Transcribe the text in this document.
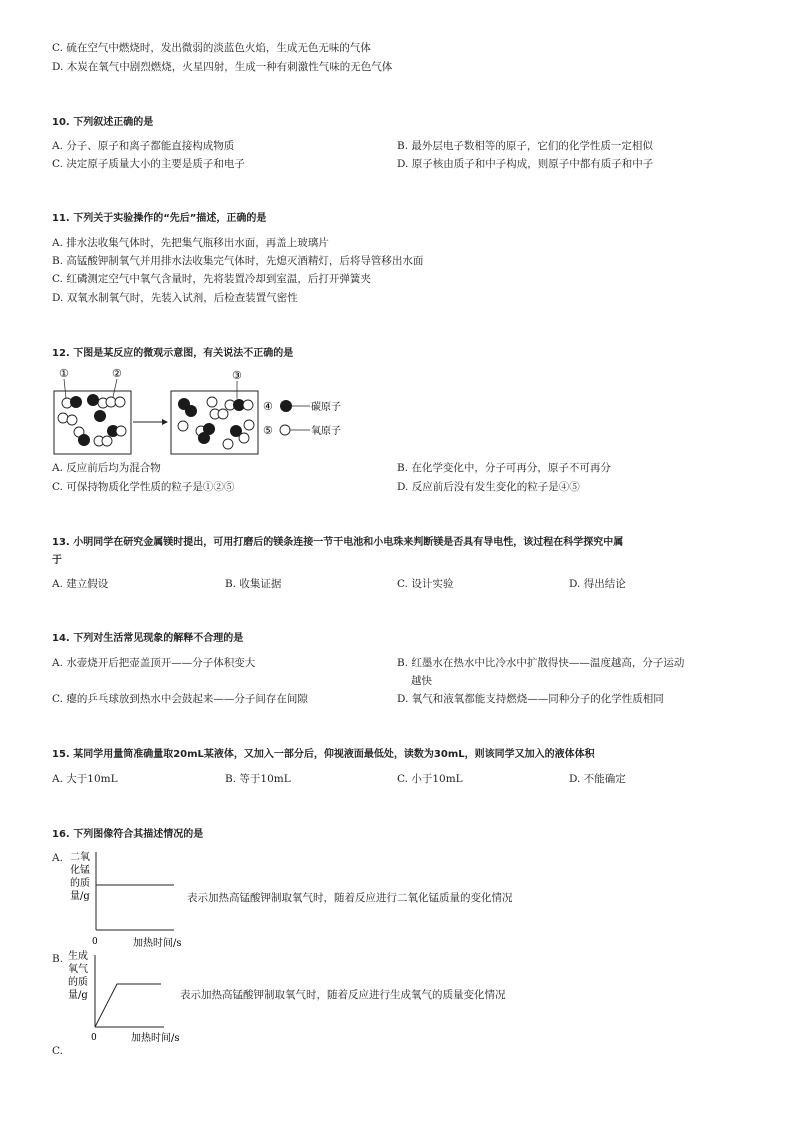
C. 硫在空气中燃烧时，发出微弱的淡蓝色火焰，生成无色无味的气体
D. 木炭在氧气中剧烈燃烧，火星四射，生成一种有刺激性气味的无色气体
10. 下列叙述正确的是
A. 分子、原子和离子都能直接构成物质	B. 最外层电子数相等的原子，它们的化学性质一定相似
C. 决定原子质量大小的主要是质子和电子	D. 原子核由质子和中子构成，则原子中都有质子和中子
11. 下列关于实验操作的“先后”描述，正确的是
A. 排水法收集气体时，先把集气瓶移出水面，再盖上玻璃片
B. 高锰酸钾制氧气并用排水法收集完气体时，先熄灭酒精灯，后将导管移出水面
C. 红磷测定空气中氧气含量时，先将装置冷却到室温，后打开弹簧夹
D. 双氧水制氧气时，先装入试剂，后检查装置气密性
12. 下图是某反应的微观示意图，有关说法不正确的是
①	②	③
④	碳原子
⑤	氧原子
A. 反应前后均为混合物	B. 在化学变化中，分子可再分，原子不可再分
C. 可保持物质化学性质的粒子是①②⑤	D. 反应前后没有发生变化的粒子是④⑤
13. 小明同学在研究金属镁时提出，可用打磨后的镁条连接一节干电池和小电珠来判断镁是否具有导电性，该过程在科学探究中属
于
A. 建立假设	B. 收集证据	C. 设计实验	D. 得出结论
14. 下列对生活常见现象的解释不合理的是
A. 水壶烧开后把壶盖顶开——分子体积变大	B. 红墨水在热水中比冷水中扩散得快——温度越高，分子运动
越快
C. 瘪的乒乓球放到热水中会鼓起来——分子间存在间隙	D. 氧气和液氧都能支持燃烧——同种分子的化学性质相同
15. 某同学用量筒准确量取20mL某液体，又加入一部分后，仰视液面最低处，读数为30mL，则该同学又加入的液体体积
A. 大于10mL	B. 等于10mL	C. 小于10mL	D. 不能确定
16. 下列图像符合其描述情况的是
A. 二氧
化锰
的质
量/g
0	加热时间/s
表示加热高锰酸钾制取氧气时，随着反应进行二氧化锰质量的变化情况
B. 生成
氧气
的质
量/g
0	加热时间/s
表示加热高锰酸钾制取氧气时，随着反应进行生成氧气的质量变化情况
C.
